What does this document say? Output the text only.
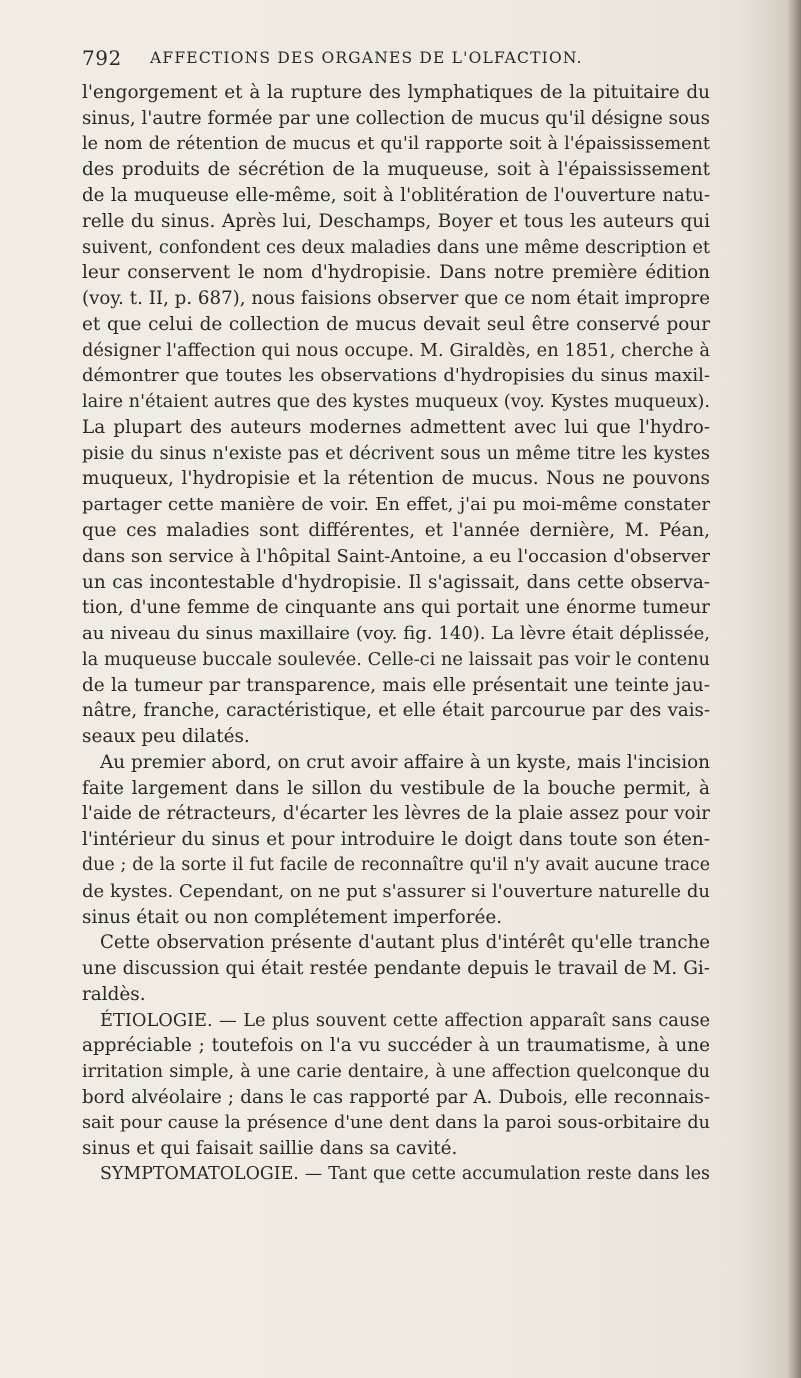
792 AFFECTIONS DES ORGANES DE L'OLFACTION.
l'engorgement et à la rupture des lymphatiques de la pituitaire du
sinus, l'autre formée par une collection de mucus qu'il désigne sous
le nom de rétention de mucus et qu'il rapporte soit à l'épaississement
des produits de sécrétion de la muqueuse, soit à l'épaississement
de la muqueuse elle-même, soit à l'oblitération de l'ouverture natu-
relle du sinus. Après lui, Deschamps, Boyer et tous les auteurs qui
suivent, confondent ces deux maladies dans une même description et
leur conservent le nom d'hydropisie. Dans notre première édition
(voy. t. II, p. 687), nous faisions observer que ce nom était impropre
et que celui de collection de mucus devait seul être conservé pour
désigner l'affection qui nous occupe. M. Giraldès, en 1851, cherche à
démontrer que toutes les observations d'hydropisies du sinus maxil-
laire n'étaient autres que des kystes muqueux (voy. Kystes muqueux).
La plupart des auteurs modernes admettent avec lui que l'hydro-
pisie du sinus n'existe pas et décrivent sous un même titre les kystes
muqueux, l'hydropisie et la rétention de mucus. Nous ne pouvons
partager cette manière de voir. En effet, j'ai pu moi-même constater
que ces maladies sont différentes, et l'année dernière, M. Péan,
dans son service à l'hôpital Saint-Antoine, a eu l'occasion d'observer
un cas incontestable d'hydropisie. Il s'agissait, dans cette observa-
tion, d'une femme de cinquante ans qui portait une énorme tumeur
au niveau du sinus maxillaire (voy. fig. 140). La lèvre était déplissée,
la muqueuse buccale soulevée. Celle-ci ne laissait pas voir le contenu
de la tumeur par transparence, mais elle présentait une teinte jau-
nâtre, franche, caractéristique, et elle était parcourue par des vais-
seaux peu dilatés.
Au premier abord, on crut avoir affaire à un kyste, mais l'incision
faite largement dans le sillon du vestibule de la bouche permit, à
l'aide de rétracteurs, d'écarter les lèvres de la plaie assez pour voir
l'intérieur du sinus et pour introduire le doigt dans toute son éten-
due ; de la sorte il fut facile de reconnaître qu'il n'y avait aucune trace
de kystes. Cependant, on ne put s'assurer si l'ouverture naturelle du
sinus était ou non complétement imperforée.
Cette observation présente d'autant plus d'intérêt qu'elle tranche
une discussion qui était restée pendante depuis le travail de M. Gi-
raldès.
ÉTIOLOGIE. — Le plus souvent cette affection apparaît sans cause
appréciable ; toutefois on l'a vu succéder à un traumatisme, à une
irritation simple, à une carie dentaire, à une affection quelconque du
bord alvéolaire ; dans le cas rapporté par A. Dubois, elle reconnais-
sait pour cause la présence d'une dent dans la paroi sous-orbitaire du
sinus et qui faisait saillie dans sa cavité.
SYMPTOMATOLOGIE. — Tant que cette accumulation reste dans les
